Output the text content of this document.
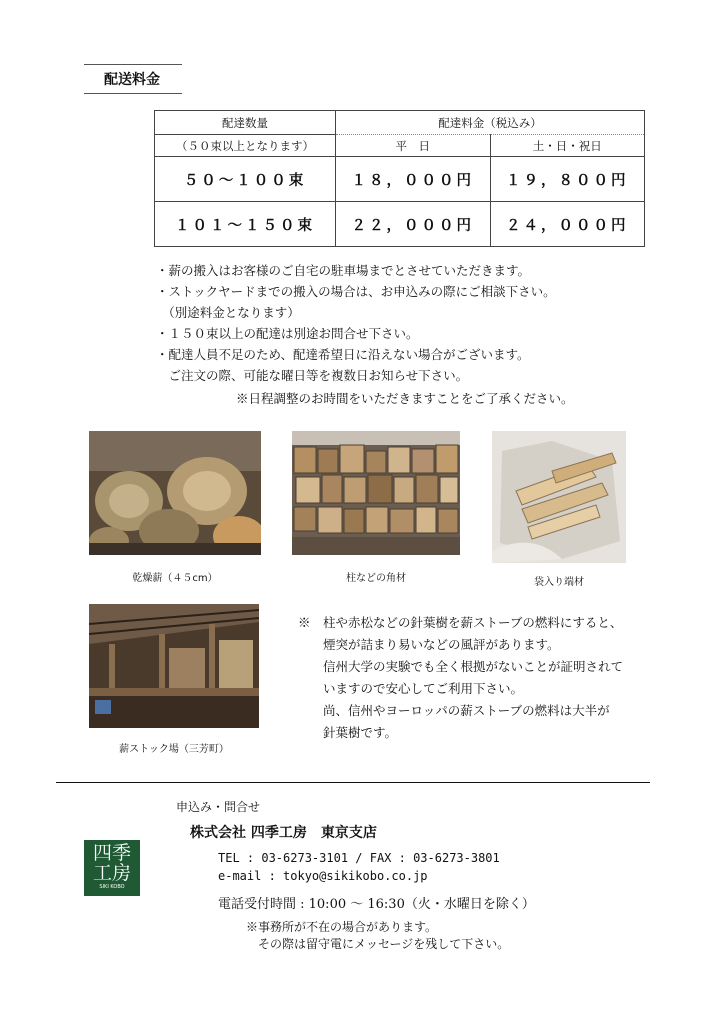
配送料金
配達数量	配達料金（税込み）	
（５０束以上となります）	平　日	土・日・祝日
５０～１００束	１８，０００円	１９，８００円
１０１～１５０束	２２，０００円	２４，０００円
・薪の搬入はお客様のご自宅の駐車場までとさせていただきます。
・ストックヤードまでの搬入の場合は、お申込みの際にご相談下さい。
　（別途料金となります）
・１５０束以上の配達は別途お問合せ下さい。
・配達人員不足のため、配達希望日に沿えない場合がございます。
　ご注文の際、可能な曜日等を複数日お知らせ下さい。
※日程調整のお時間をいただきますことをご了承ください。
乾燥薪（４５cm）	柱などの角材	袋入り端材
薪ストック場（三芳町）
※　柱や赤松などの針葉樹を薪ストーブの燃料にすると、
　　煙突が詰まり易いなどの風評があります。
　　信州大学の実験でも全く根拠がないことが証明されて
　　いますので安心してご利用下さい。
　　尚、信州やヨーロッパの薪ストーブの燃料は大半が
　　針葉樹です。
申込み・問合せ
株式会社 四季工房　東京支店
四季
工房
SIKI KOBO
TEL : 03-6273-3101 / FAX : 03-6273-3801
e-mail : tokyo@sikikobo.co.jp
電話受付時間 : 10:00 ～ 16:30（火・水曜日を除く）
※事務所が不在の場合があります。
　その際は留守電にメッセージを残して下さい。
